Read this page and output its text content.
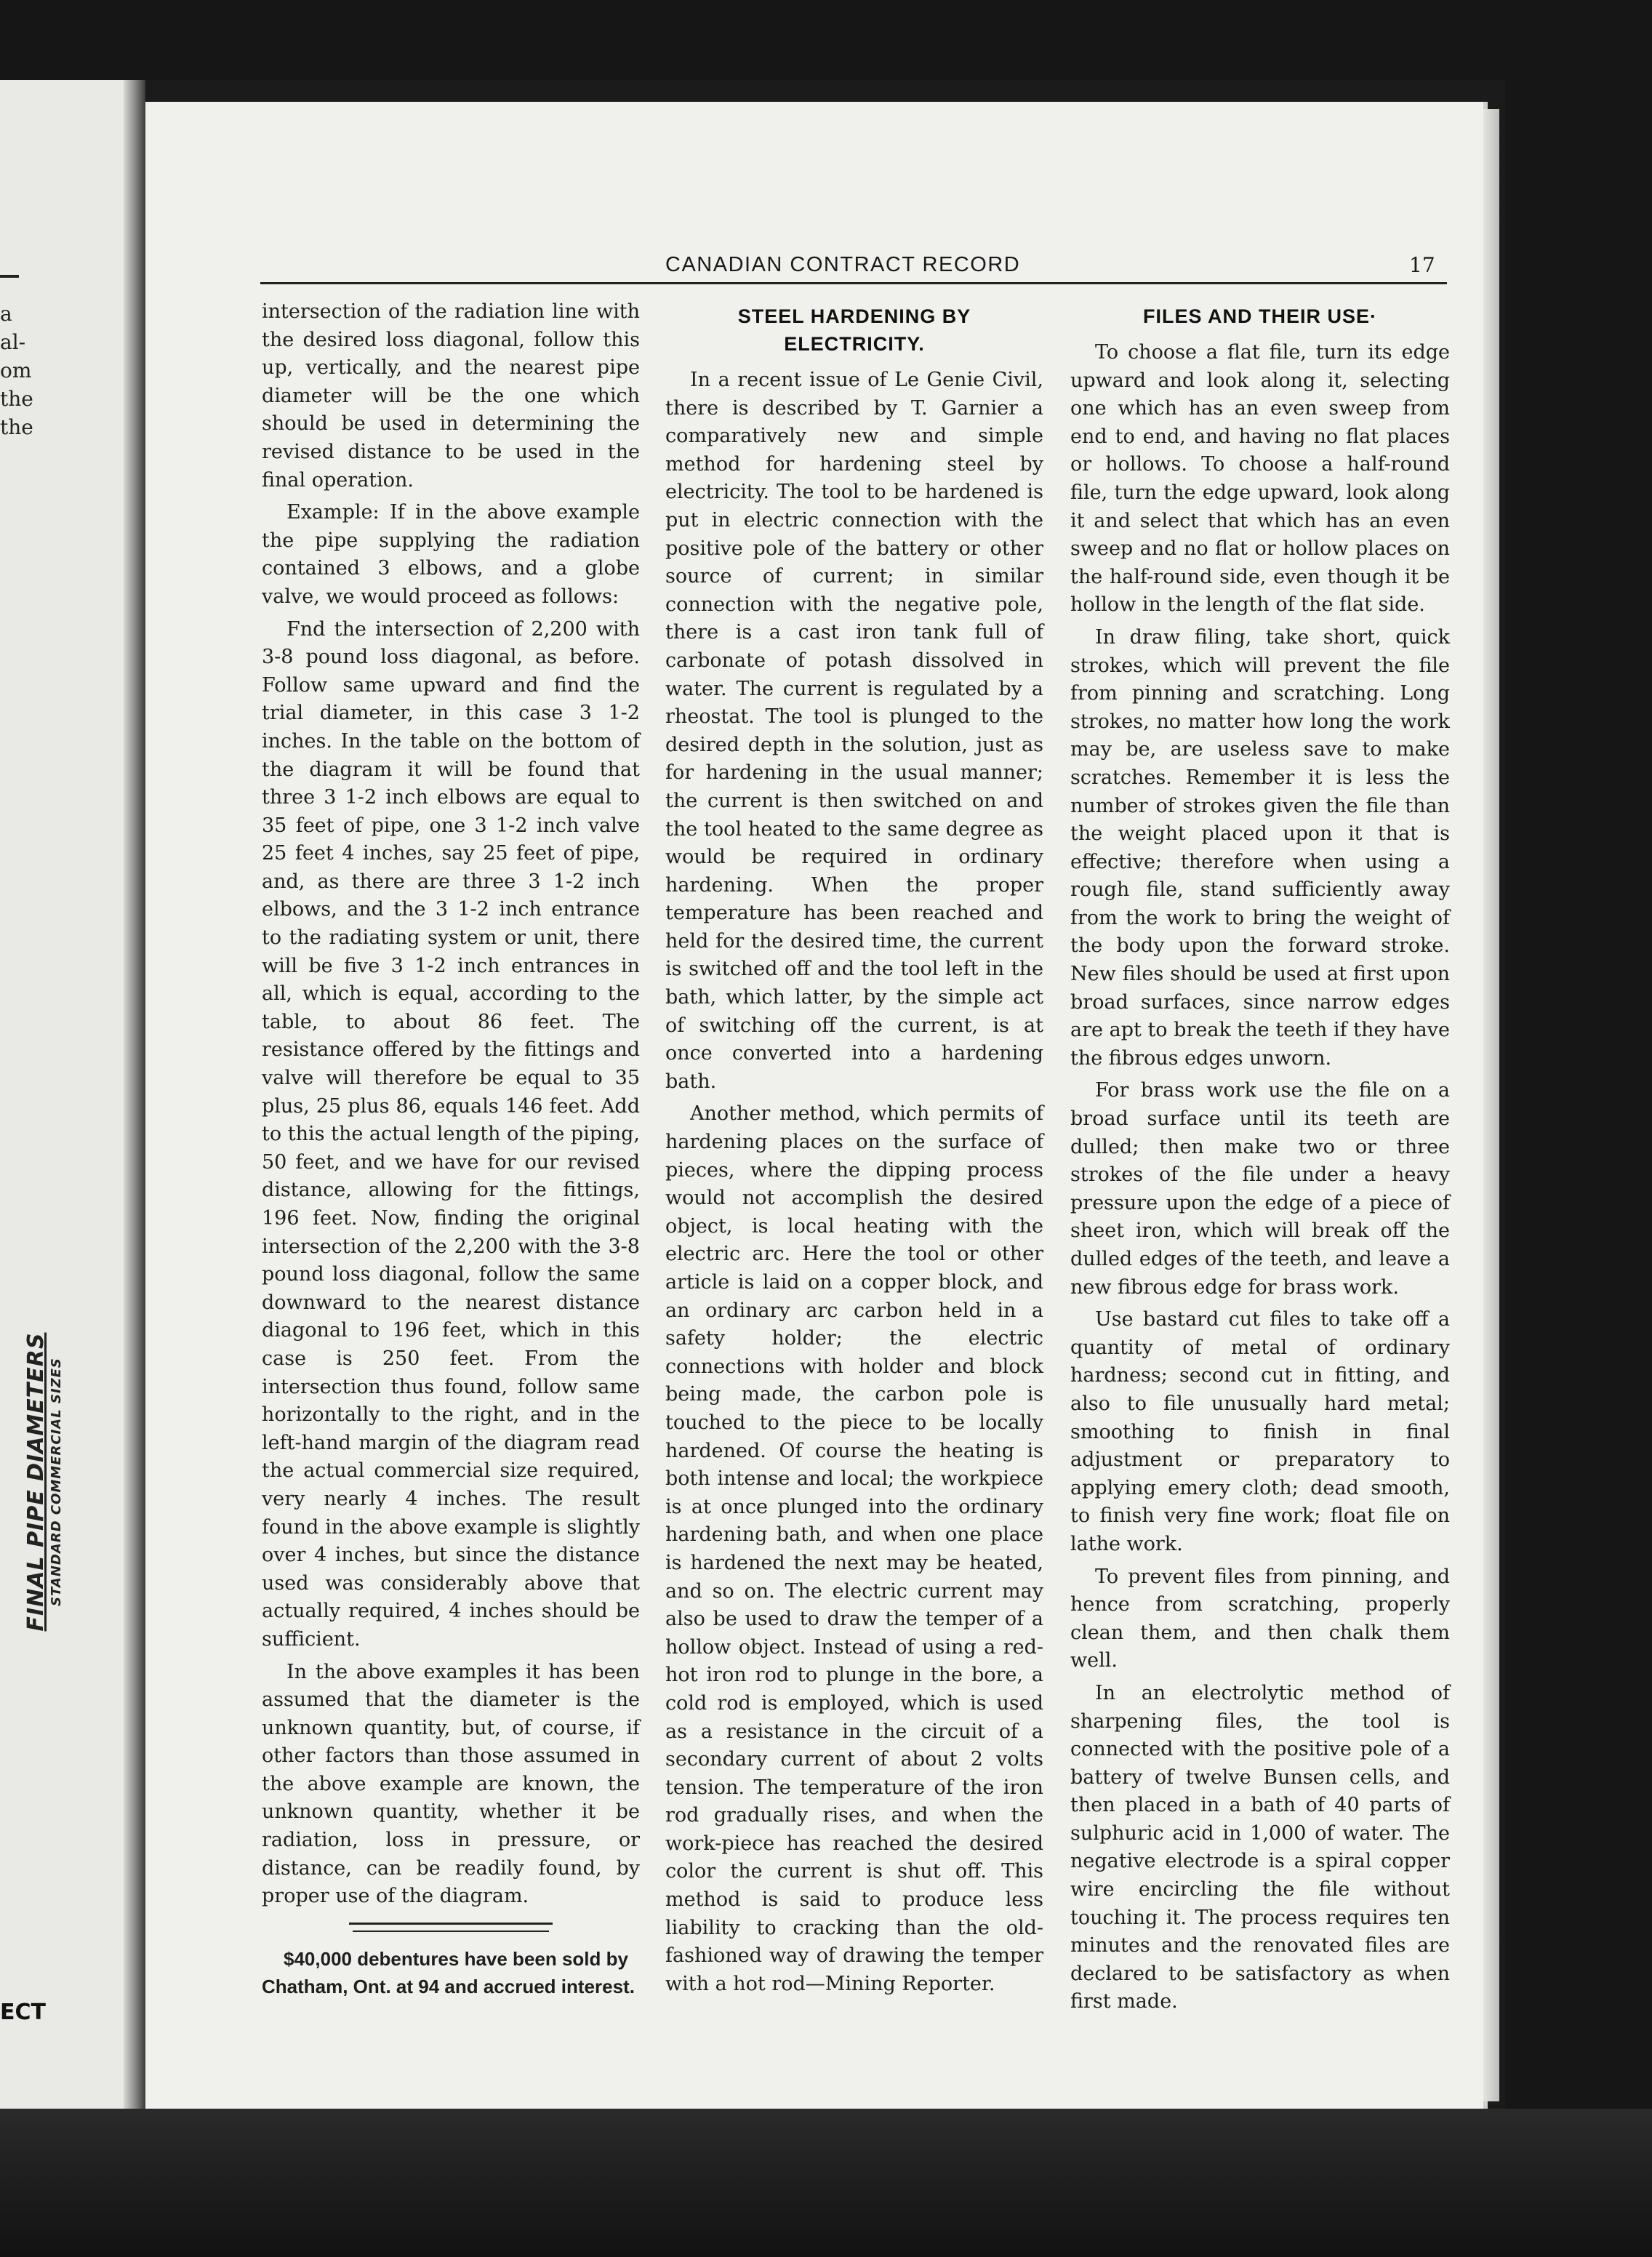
a
al-
om
the
the
FINAL PIPE DIAMETERS STANDARD COMMERCIAL SIZES
ECT
CANADIAN CONTRACT RECORD	17

intersection of the radiation line with the desired loss diagonal, follow this up, vertically, and the nearest pipe diameter will be the one which should be used in determining the revised distance to be used in the final operation.

Example: If in the above example the pipe supplying the radiation contained 3 elbows, and a globe valve, we would proceed as follows:

Fnd the intersection of 2,200 with 3-8 pound loss diagonal, as before. Follow same upward and find the trial diameter, in this case 3 1-2 inches. In the table on the bottom of the diagram it will be found that three 3 1-2 inch elbows are equal to 35 feet of pipe, one 3 1-2 inch valve 25 feet 4 inches, say 25 feet of pipe, and, as there are three 3 1-2 inch elbows, and the 3 1-2 inch entrance to the radiating system or unit, there will be five 3 1-2 inch entrances in all, which is equal, according to the table, to about 86 feet. The resistance offered by the fittings and valve will therefore be equal to 35 plus, 25 plus 86, equals 146 feet. Add to this the actual length of the piping, 50 feet, and we have for our revised distance, allowing for the fittings, 196 feet. Now, finding the original intersection of the 2,200 with the 3-8 pound loss diagonal, follow the same downward to the nearest distance diagonal to 196 feet, which in this case is 250 feet. From the intersection thus found, follow same horizontally to the right, and in the left-hand margin of the diagram read the actual commercial size required, very nearly 4 inches. The result found in the above example is slightly over 4 inches, but since the distance used was considerably above that actually required, 4 inches should be sufficient.

In the above examples it has been assumed that the diameter is the unknown quantity, but, of course, if other factors than those assumed in the above example are known, the unknown quantity, whether it be radiation, loss in pressure, or distance, can be readily found, by proper use of the diagram.

$40,000 debentures have been sold by Chatham, Ont. at 94 and accrued interest.

STEEL HARDENING BY ELECTRICITY.

In a recent issue of Le Genie Civil, there is described by T. Garnier a comparatively new and simple method for hardening steel by electricity. The tool to be hardened is put in electric connection with the positive pole of the battery or other source of current; in similar connection with the negative pole, there is a cast iron tank full of carbonate of potash dissolved in water. The current is regulated by a rheostat. The tool is plunged to the desired depth in the solution, just as for hardening in the usual manner; the current is then switched on and the tool heated to the same degree as would be required in ordinary hardening. When the proper temperature has been reached and held for the desired time, the current is switched off and the tool left in the bath, which latter, by the simple act of switching off the current, is at once converted into a hardening bath.

Another method, which permits of hardening places on the surface of pieces, where the dipping process would not accomplish the desired object, is local heating with the electric arc. Here the tool or other article is laid on a copper block, and an ordinary arc carbon held in a safety holder; the electric connections with holder and block being made, the carbon pole is touched to the piece to be locally hardened. Of course the heating is both intense and local; the workpiece is at once plunged into the ordinary hardening bath, and when one place is hardened the next may be heated, and so on. The electric current may also be used to draw the temper of a hollow object. Instead of using a red-hot iron rod to plunge in the bore, a cold rod is employed, which is used as a resistance in the circuit of a secondary current of about 2 volts tension. The temperature of the iron rod gradually rises, and when the work-piece has reached the desired color the current is shut off. This method is said to produce less liability to cracking than the old-fashioned way of drawing the temper with a hot rod—Mining Reporter.

FILES AND THEIR USE·

To choose a flat file, turn its edge upward and look along it, selecting one which has an even sweep from end to end, and having no flat places or hollows. To choose a half-round file, turn the edge upward, look along it and select that which has an even sweep and no flat or hollow places on the half-round side, even though it be hollow in the length of the flat side.

In draw filing, take short, quick strokes, which will prevent the file from pinning and scratching. Long strokes, no matter how long the work may be, are useless save to make scratches. Remember it is less the number of strokes given the file than the weight placed upon it that is effective; therefore when using a rough file, stand sufficiently away from the work to bring the weight of the body upon the forward stroke. New files should be used at first upon broad surfaces, since narrow edges are apt to break the teeth if they have the fibrous edges unworn.

For brass work use the file on a broad surface until its teeth are dulled; then make two or three strokes of the file under a heavy pressure upon the edge of a piece of sheet iron, which will break off the dulled edges of the teeth, and leave a new fibrous edge for brass work.

Use bastard cut files to take off a quantity of metal of ordinary hardness; second cut in fitting, and also to file unusually hard metal; smoothing to finish in final adjustment or preparatory to applying emery cloth; dead smooth, to finish very fine work; float file on lathe work.

To prevent files from pinning, and hence from scratching, properly clean them, and then chalk them well.

In an electrolytic method of sharpening files, the tool is connected with the positive pole of a battery of twelve Bunsen cells, and then placed in a bath of 40 parts of sulphuric acid in 1,000 of water. The negative electrode is a spiral copper wire encircling the file without touching it. The process requires ten minutes and the renovated files are declared to be satisfactory as when first made.
